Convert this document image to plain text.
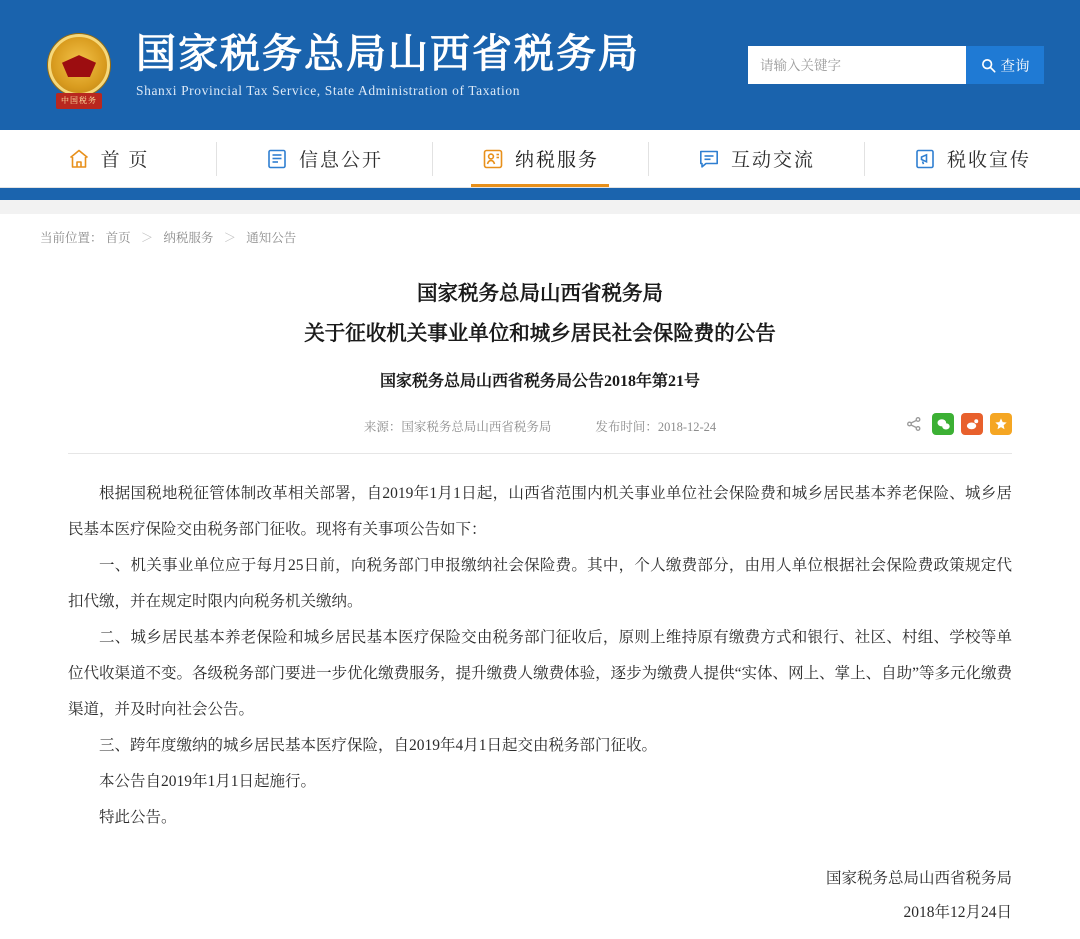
中国税务
国家税务总局山西省税务局
Shanxi Provincial Tax Service, State Administration of Taxation
请输入关键字
查询
首 页	信息公开	纳税服务	互动交流	税收宣传
当前位置： 首页 ＞ 纳税服务 ＞ 通知公告
国家税务总局山西省税务局
关于征收机关事业单位和城乡居民社会保险费的公告
国家税务总局山西省税务局公告2018年第21号
来源：国家税务总局山西省税务局	发布时间：2018-12-24

根据国税地税征管体制改革相关部署，自2019年1月1日起，山西省范围内机关事业单位社会保险费和城乡居民基本养老保险、城乡居民基本医疗保险交由税务部门征收。现将有关事项公告如下：

一、机关事业单位应于每月25日前，向税务部门申报缴纳社会保险费。其中，个人缴费部分，由用人单位根据社会保险费政策规定代扣代缴，并在规定时限内向税务机关缴纳。

二、城乡居民基本养老保险和城乡居民基本医疗保险交由税务部门征收后，原则上维持原有缴费方式和银行、社区、村组、学校等单位代收渠道不变。各级税务部门要进一步优化缴费服务，提升缴费人缴费体验，逐步为缴费人提供“实体、网上、掌上、自助”等多元化缴费渠道，并及时向社会公告。

三、跨年度缴纳的城乡居民基本医疗保险，自2019年4月1日起交由税务部门征收。

本公告自2019年1月1日起施行。

特此公告。

国家税务总局山西省税务局
2018年12月24日
